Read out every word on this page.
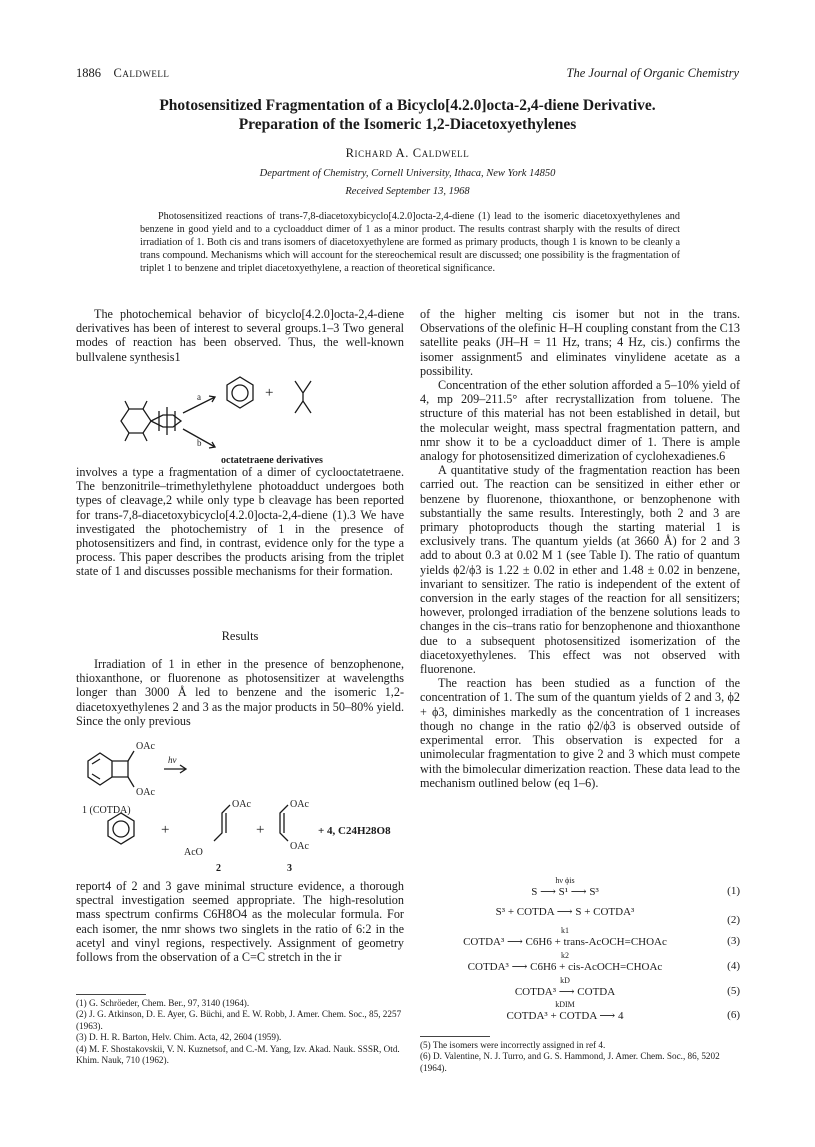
1886 Caldwell	The Journal of Organic Chemistry
Photosensitized Fragmentation of a Bicyclo[4.2.0]octa-2,4-diene Derivative.
Preparation of the Isomeric 1,2-Diacetoxyethylenes
Richard A. Caldwell
Department of Chemistry, Cornell University, Ithaca, New York 14850
Received September 13, 1968
Photosensitized reactions of trans-7,8-diacetoxybicyclo[4.2.0]octa-2,4-diene (1) lead to the isomeric diacetoxyethylenes and benzene in good yield and to a cycloadduct dimer of 1 as a minor product. The results contrast sharply with the results of direct irradiation of 1. Both cis and trans isomers of diacetoxyethylene are formed as primary products, though 1 is known to be cleanly a trans compound. Mechanisms which will account for the stereochemical result are discussed; one possibility is the fragmentation of triplet 1 to benzene and triplet diacetoxyethylene, a reaction of theoretical significance.

The photochemical behavior of bicyclo[4.2.0]octa-2,4-diene derivatives has been of interest to several groups.1–3 Two general modes of reaction has been observed. Thus, the well-known bullvalene synthesis1

a
b
+
octatetraene derivatives

involves a type a fragmentation of a dimer of cyclooctatetraene. The benzonitrile–trimethylethylene photoadduct undergoes both types of cleavage,2 while only type b cleavage has been reported for trans-7,8-diacetoxybicyclo[4.2.0]octa-2,4-diene (1).3 We have investigated the photochemistry of 1 in the presence of photosensitizers and find, in contrast, evidence only for the type a process. This paper describes the products arising from the triplet state of 1 and discusses possible mechanisms for their formation.

Results

Irradiation of 1 in ether in the presence of benzophenone, thioxanthone, or fluorenone as photosensitizer at wavelengths longer than 3000 Å led to benzene and the isomeric 1,2-diacetoxyethylenes 2 and 3 as the major products in 50–80% yield. Since the only previous

OAc
OAc
hν
1 (COTDA)
+
OAc
AcO
+
OAc
OAc
+ 4, C24H28O8
2	3

report4 of 2 and 3 gave minimal structure evidence, a thorough spectral investigation seemed appropriate. The high-resolution mass spectrum confirms C6H8O4 as the molecular formula. For each isomer, the nmr shows two singlets in the ratio of 6:2 in the acetyl and vinyl regions, respectively. Assignment of geometry follows from the observation of a C=C stretch in the ir

of the higher melting cis isomer but not in the trans. Observations of the olefinic H–H coupling constant from the C13 satellite peaks (JH–H = 11 Hz, trans; 4 Hz, cis.) confirms the isomer assignment5 and eliminates vinylidene acetate as a possibility.

Concentration of the ether solution afforded a 5–10% yield of 4, mp 209–211.5° after recrystallization from toluene. The structure of this material has not been established in detail, but the molecular weight, mass spectral fragmentation pattern, and nmr show it to be a cycloadduct dimer of 1. There is ample analogy for photosensitized dimerization of cyclohexadienes.6

A quantitative study of the fragmentation reaction has been carried out. The reaction can be sensitized in either ether or benzene by fluorenone, thioxanthone, or benzophenone with substantially the same results. Interestingly, both 2 and 3 are primary photoproducts though the starting material 1 is exclusively trans. The quantum yields (at 3660 Å) for 2 and 3 add to about 0.3 at 0.02 M 1 (see Table I). The ratio of quantum yields ϕ2/ϕ3 is 1.22 ± 0.02 in ether and 1.48 ± 0.02 in benzene, invariant to sensitizer. The ratio is independent of the extent of conversion in the early stages of the reaction for all sensitizers; however, prolonged irradiation of the benzene solutions leads to changes in the cis–trans ratio for benzophenone and thioxanthone due to a subsequent photosensitized isomerization of the diacetoxyethylenes. This effect was not observed with fluorenone.

The reaction has been studied as a function of the concentration of 1. The sum of the quantum yields of 2 and 3, ϕ2 + ϕ3, diminishes markedly as the concentration of 1 increases though no change in the ratio ϕ2/ϕ3 is observed outside of experimental error. This observation is expected for a unimolecular fragmentation to give 2 and 3 which must compete with the bimolecular dimerization reaction. These data lead to the mechanism outlined below (eq 1–6).

hν ϕis
S ⟶ S¹ ⟶ S³	(1)
S³ + COTDA ⟶ S + COTDA³
(2)
k1
COTDA³ ⟶ C6H6 + trans-AcOCH=CHOAc	(3)
k2
COTDA³ ⟶ C6H6 + cis-AcOCH=CHOAc	(4)
kD
COTDA³ ⟶ COTDA	(5)
kDIM
COTDA³ + COTDA ⟶ 4	(6)
(1) G. Schröeder, Chem. Ber., 97, 3140 (1964).
(2) J. G. Atkinson, D. E. Ayer, G. Büchi, and E. W. Robb, J. Amer. Chem. Soc., 85, 2257 (1963).
(3) D. H. R. Barton, Helv. Chim. Acta, 42, 2604 (1959).
(4) M. F. Shostakovskii, V. N. Kuznetsof, and C.-M. Yang, Izv. Akad. Nauk. SSSR, Otd. Khim. Nauk, 710 (1962).
(5) The isomers were incorrectly assigned in ref 4.
(6) D. Valentine, N. J. Turro, and G. S. Hammond, J. Amer. Chem. Soc., 86, 5202 (1964).
